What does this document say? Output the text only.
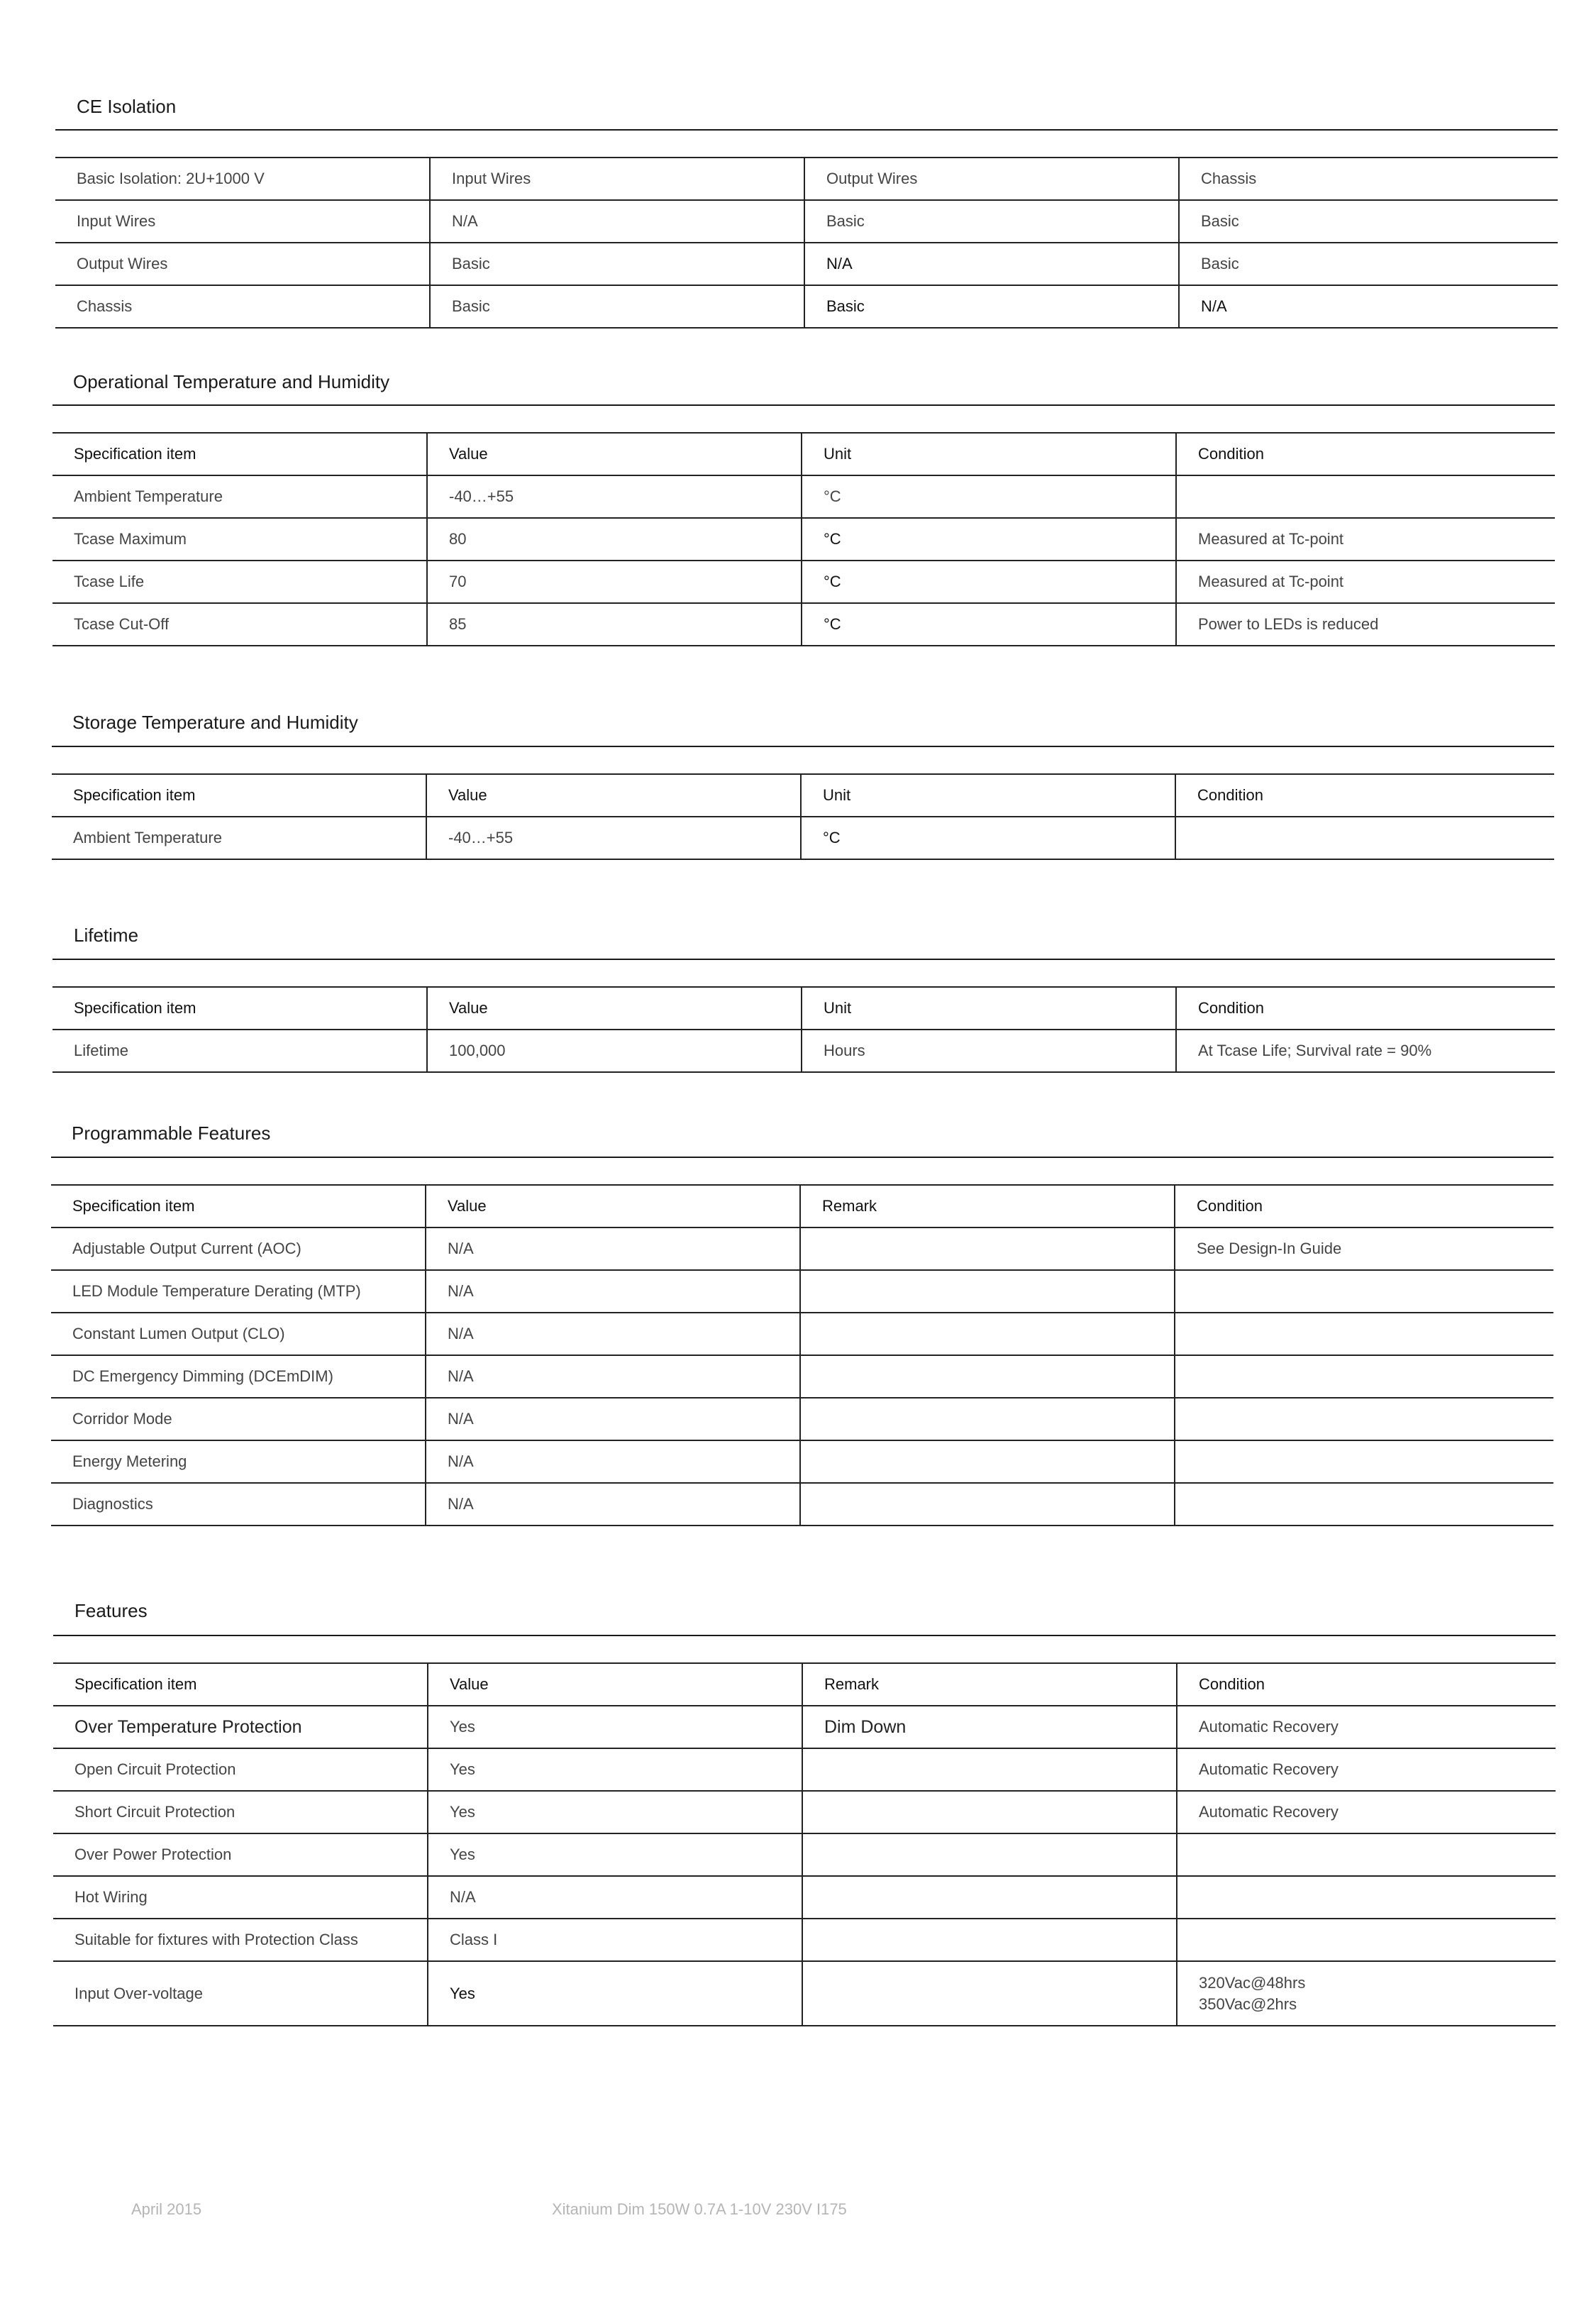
CE Isolation
Basic Isolation: 2U+1000 V	Input Wires	Output Wires	Chassis
Input Wires	N/A	Basic	Basic
Output Wires	Basic	N/A	Basic
Chassis	Basic	Basic	N/A
Operational Temperature and Humidity
Specification item	Value	Unit	Condition
Ambient Temperature	-40…+55	°C	
Tcase Maximum	80	°C	Measured at Tc-point
Tcase Life	70	°C	Measured at Tc-point
Tcase Cut-Off	85	°C	Power to LEDs is reduced
Storage Temperature and Humidity
Specification item	Value	Unit	Condition
Ambient Temperature	-40…+55	°C	
Lifetime
Specification item	Value	Unit	Condition
Lifetime	100,000	Hours	At Tcase Life; Survival rate = 90%
Programmable Features
Specification item	Value	Remark	Condition
Adjustable Output Current (AOC)	N/A		See Design-In Guide
LED Module Temperature Derating (MTP)	N/A		
Constant Lumen Output (CLO)	N/A		
DC Emergency Dimming (DCEmDIM)	N/A		
Corridor Mode	N/A		
Energy Metering	N/A		
Diagnostics	N/A		
Features
Specification item	Value	Remark	Condition
Over Temperature Protection	Yes	Dim Down	Automatic Recovery
Open Circuit Protection	Yes		Automatic Recovery
Short Circuit Protection	Yes		Automatic Recovery
Over Power Protection	Yes		
Hot Wiring	N/A		
Suitable for fixtures with Protection Class	Class I		
Input Over-voltage	Yes		320Vac@48hrs
350Vac@2hrs
April 2015	Xitanium Dim 150W 0.7A 1-10V 230V I175
